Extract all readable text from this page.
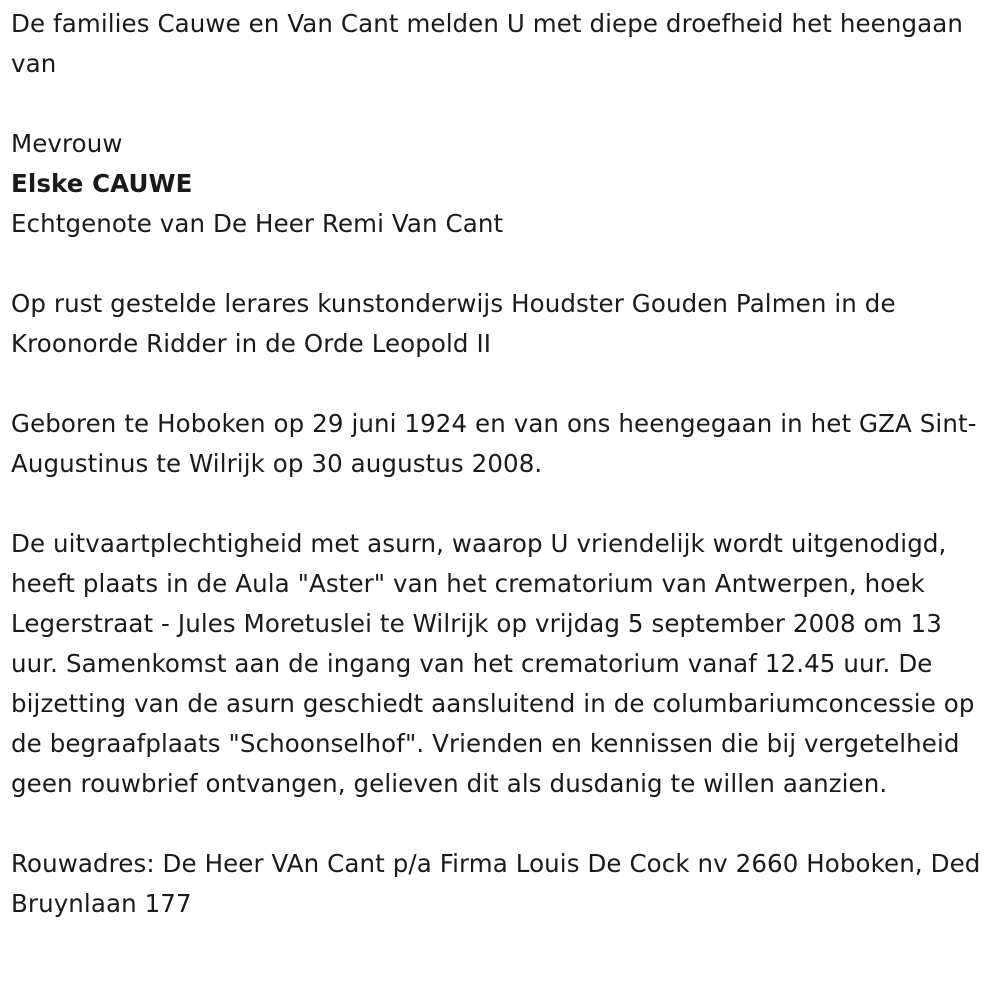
De families Cauwe en Van Cant melden U met diepe droefheid het heengaan van

Mevrouw

Elske CAUWE

Echtgenote van De Heer Remi Van Cant

Op rust gestelde lerares kunstonderwijs Houdster Gouden Palmen in de Kroonorde Ridder in de Orde Leopold II

Geboren te Hoboken op 29 juni 1924 en van ons heengegaan in het GZA Sint-Augustinus te Wilrijk op 30 augustus 2008.

De uitvaartplechtigheid met asurn, waarop U vriendelijk wordt uitgenodigd, heeft plaats in de Aula "Aster" van het crematorium van Antwerpen, hoek Legerstraat - Jules Moretuslei te Wilrijk op vrijdag 5 september 2008 om 13 uur. Samenkomst aan de ingang van het crematorium vanaf 12.45 uur. De bijzetting van de asurn geschiedt aansluitend in de columbariumconcessie op de begraafplaats "Schoonselhof". Vrienden en kennissen die bij vergetelheid geen rouwbrief ontvangen, gelieven dit als dusdanig te willen aanzien.

Rouwadres: De Heer VAn Cant p/a Firma Louis De Cock nv 2660 Hoboken, Ded Bruynlaan 177
